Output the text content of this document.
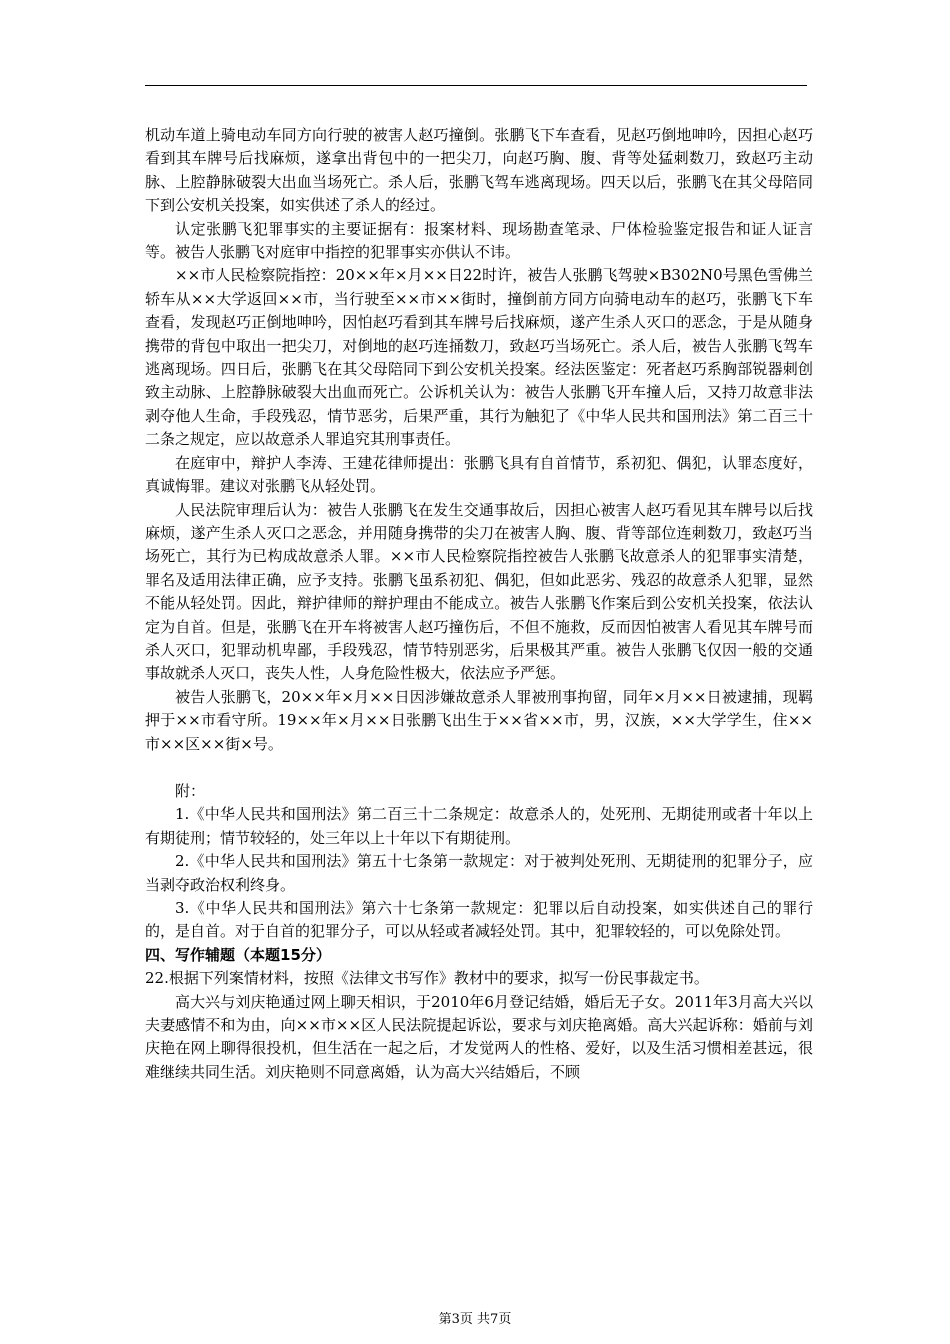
机动车道上骑电动车同方向行驶的被害人赵巧撞倒。张鹏飞下车查看，见赵巧倒地呻吟，因担心赵巧看到其车牌号后找麻烦，遂拿出背包中的一把尖刀，向赵巧胸、腹、背等处猛刺数刀，致赵巧主动脉、上腔静脉破裂大出血当场死亡。杀人后，张鹏飞驾车逃离现场。四天以后，张鹏飞在其父母陪同下到公安机关投案，如实供述了杀人的经过。

认定张鹏飞犯罪事实的主要证据有：报案材料、现场勘查笔录、尸体检验鉴定报告和证人证言等。被告人张鹏飞对庭审中指控的犯罪事实亦供认不讳。

××市人民检察院指控：20××年×月××日22时许，被告人张鹏飞驾驶×B302N0号黑色雪佛兰轿车从××大学返回××市，当行驶至××市××街时，撞倒前方同方向骑电动车的赵巧，张鹏飞下车查看，发现赵巧正倒地呻吟，因怕赵巧看到其车牌号后找麻烦，遂产生杀人灭口的恶念，于是从随身携带的背包中取出一把尖刀，对倒地的赵巧连捅数刀，致赵巧当场死亡。杀人后，被告人张鹏飞驾车逃离现场。四日后，张鹏飞在其父母陪同下到公安机关投案。经法医鉴定：死者赵巧系胸部锐器刺创致主动脉、上腔静脉破裂大出血而死亡。公诉机关认为：被告人张鹏飞开车撞人后，又持刀故意非法剥夺他人生命，手段残忍，情节恶劣，后果严重，其行为触犯了《中华人民共和国刑法》第二百三十二条之规定，应以故意杀人罪追究其刑事责任。

在庭审中，辩护人李涛、王建花律师提出：张鹏飞具有自首情节，系初犯、偶犯，认罪态度好，真诚悔罪。建议对张鹏飞从轻处罚。

人民法院审理后认为：被告人张鹏飞在发生交通事故后，因担心被害人赵巧看见其车牌号以后找麻烦，遂产生杀人灭口之恶念，并用随身携带的尖刀在被害人胸、腹、背等部位连刺数刀，致赵巧当场死亡，其行为已构成故意杀人罪。××市人民检察院指控被告人张鹏飞故意杀人的犯罪事实清楚，罪名及适用法律正确，应予支持。张鹏飞虽系初犯、偶犯，但如此恶劣、残忍的故意杀人犯罪，显然不能从轻处罚。因此，辩护律师的辩护理由不能成立。被告人张鹏飞作案后到公安机关投案，依法认定为自首。但是，张鹏飞在开车将被害人赵巧撞伤后，不但不施救，反而因怕被害人看见其车牌号而杀人灭口，犯罪动机卑鄙，手段残忍，情节特别恶劣，后果极其严重。被告人张鹏飞仅因一般的交通事故就杀人灭口，丧失人性，人身危险性极大，依法应予严惩。

被告人张鹏飞，20××年×月××日因涉嫌故意杀人罪被刑事拘留，同年×月××日被逮捕，现羁押于××市看守所。19××年×月××日张鹏飞出生于××省××市，男，汉族，××大学学生，住××市××区××街×号。

附：

1.《中华人民共和国刑法》第二百三十二条规定：故意杀人的，处死刑、无期徒刑或者十年以上有期徒刑；情节较轻的，处三年以上十年以下有期徒刑。

2.《中华人民共和国刑法》第五十七条第一款规定：对于被判处死刑、无期徒刑的犯罪分子，应当剥夺政治权利终身。

3.《中华人民共和国刑法》第六十七条第一款规定：犯罪以后自动投案，如实供述自己的罪行的，是自首。对于自首的犯罪分子，可以从轻或者减轻处罚。其中，犯罪较轻的，可以免除处罚。

四、写作辅题（本题15分）

22.根据下列案情材料，按照《法律文书写作》教材中的要求，拟写一份民事裁定书。

高大兴与刘庆艳通过网上聊天相识，于2010年6月登记结婚，婚后无子女。2011年3月高大兴以夫妻感情不和为由，向××市××区人民法院提起诉讼，要求与刘庆艳离婚。高大兴起诉称：婚前与刘庆艳在网上聊得很投机，但生活在一起之后，才发觉两人的性格、爱好，以及生活习惯相差甚远，很难继续共同生活。刘庆艳则不同意离婚，认为高大兴结婚后，不顾

第3页 共7页
